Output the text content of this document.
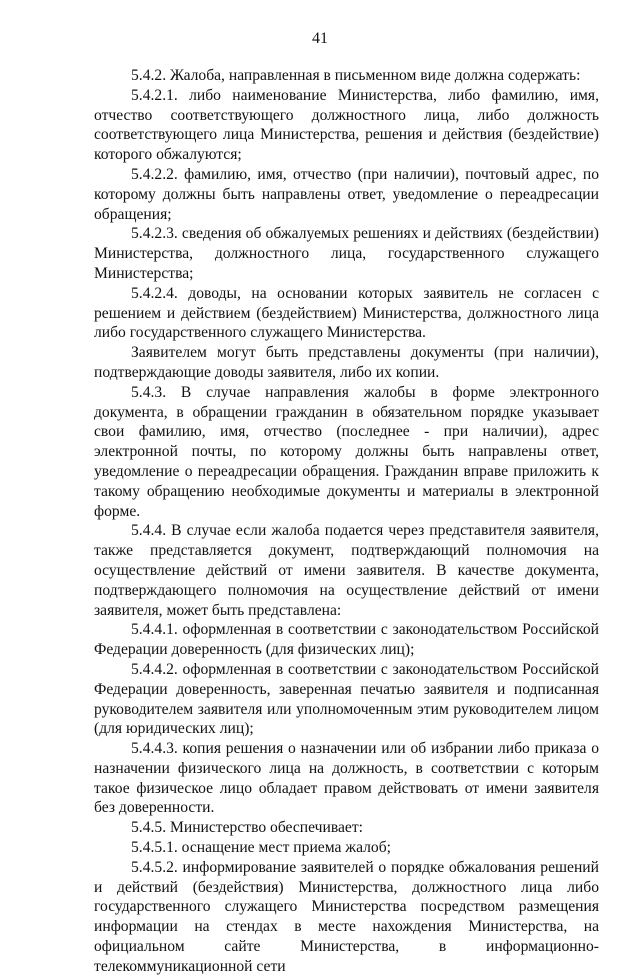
41

5.4.2. Жалоба, направленная в письменном виде должна содержать:

5.4.2.1. либо наименование Министерства, либо фамилию, имя, отчество соответствующего должностного лица, либо должность соответствующего лица Министерства, решения и действия (бездействие) которого обжалуются;

5.4.2.2. фамилию, имя, отчество (при наличии), почтовый адрес, по которому должны быть направлены ответ, уведомление о переадресации обращения;

5.4.2.3. сведения об обжалуемых решениях и действиях (бездействии) Министерства, должностного лица, государственного служащего Министерства;

5.4.2.4. доводы, на основании которых заявитель не согласен с решением и действием (бездействием) Министерства, должностного лица либо государственного служащего Министерства.

Заявителем могут быть представлены документы (при наличии), подтверждающие доводы заявителя, либо их копии.

5.4.3. В случае направления жалобы в форме электронного документа, в обращении гражданин в обязательном порядке указывает свои фамилию, имя, отчество (последнее - при наличии), адрес электронной почты, по которому должны быть направлены ответ, уведомление о переадресации обращения. Гражданин вправе приложить к такому обращению необходимые документы и материалы в электронной форме.

5.4.4. В случае если жалоба подается через представителя заявителя, также представляется документ, подтверждающий полномочия на осуществление действий от имени заявителя. В качестве документа, подтверждающего полномочия на осуществление действий от имени заявителя, может быть представлена:

5.4.4.1. оформленная в соответствии с законодательством Российской Федерации доверенность (для физических лиц);

5.4.4.2. оформленная в соответствии с законодательством Российской Федерации доверенность, заверенная печатью заявителя и подписанная руководителем заявителя или уполномоченным этим руководителем лицом (для юридических лиц);

5.4.4.3. копия решения о назначении или об избрании либо приказа о назначении физического лица на должность, в соответствии с которым такое физическое лицо обладает правом действовать от имени заявителя без доверенности.

5.4.5. Министерство обеспечивает:

5.4.5.1. оснащение мест приема жалоб;

5.4.5.2. информирование заявителей о порядке обжалования решений и действий (бездействия) Министерства, должностного лица либо государственного служащего Министерства посредством размещения информации на стендах в месте нахождения Министерства, на официальном сайте Министерства, в информационно-телекоммуникационной сети
